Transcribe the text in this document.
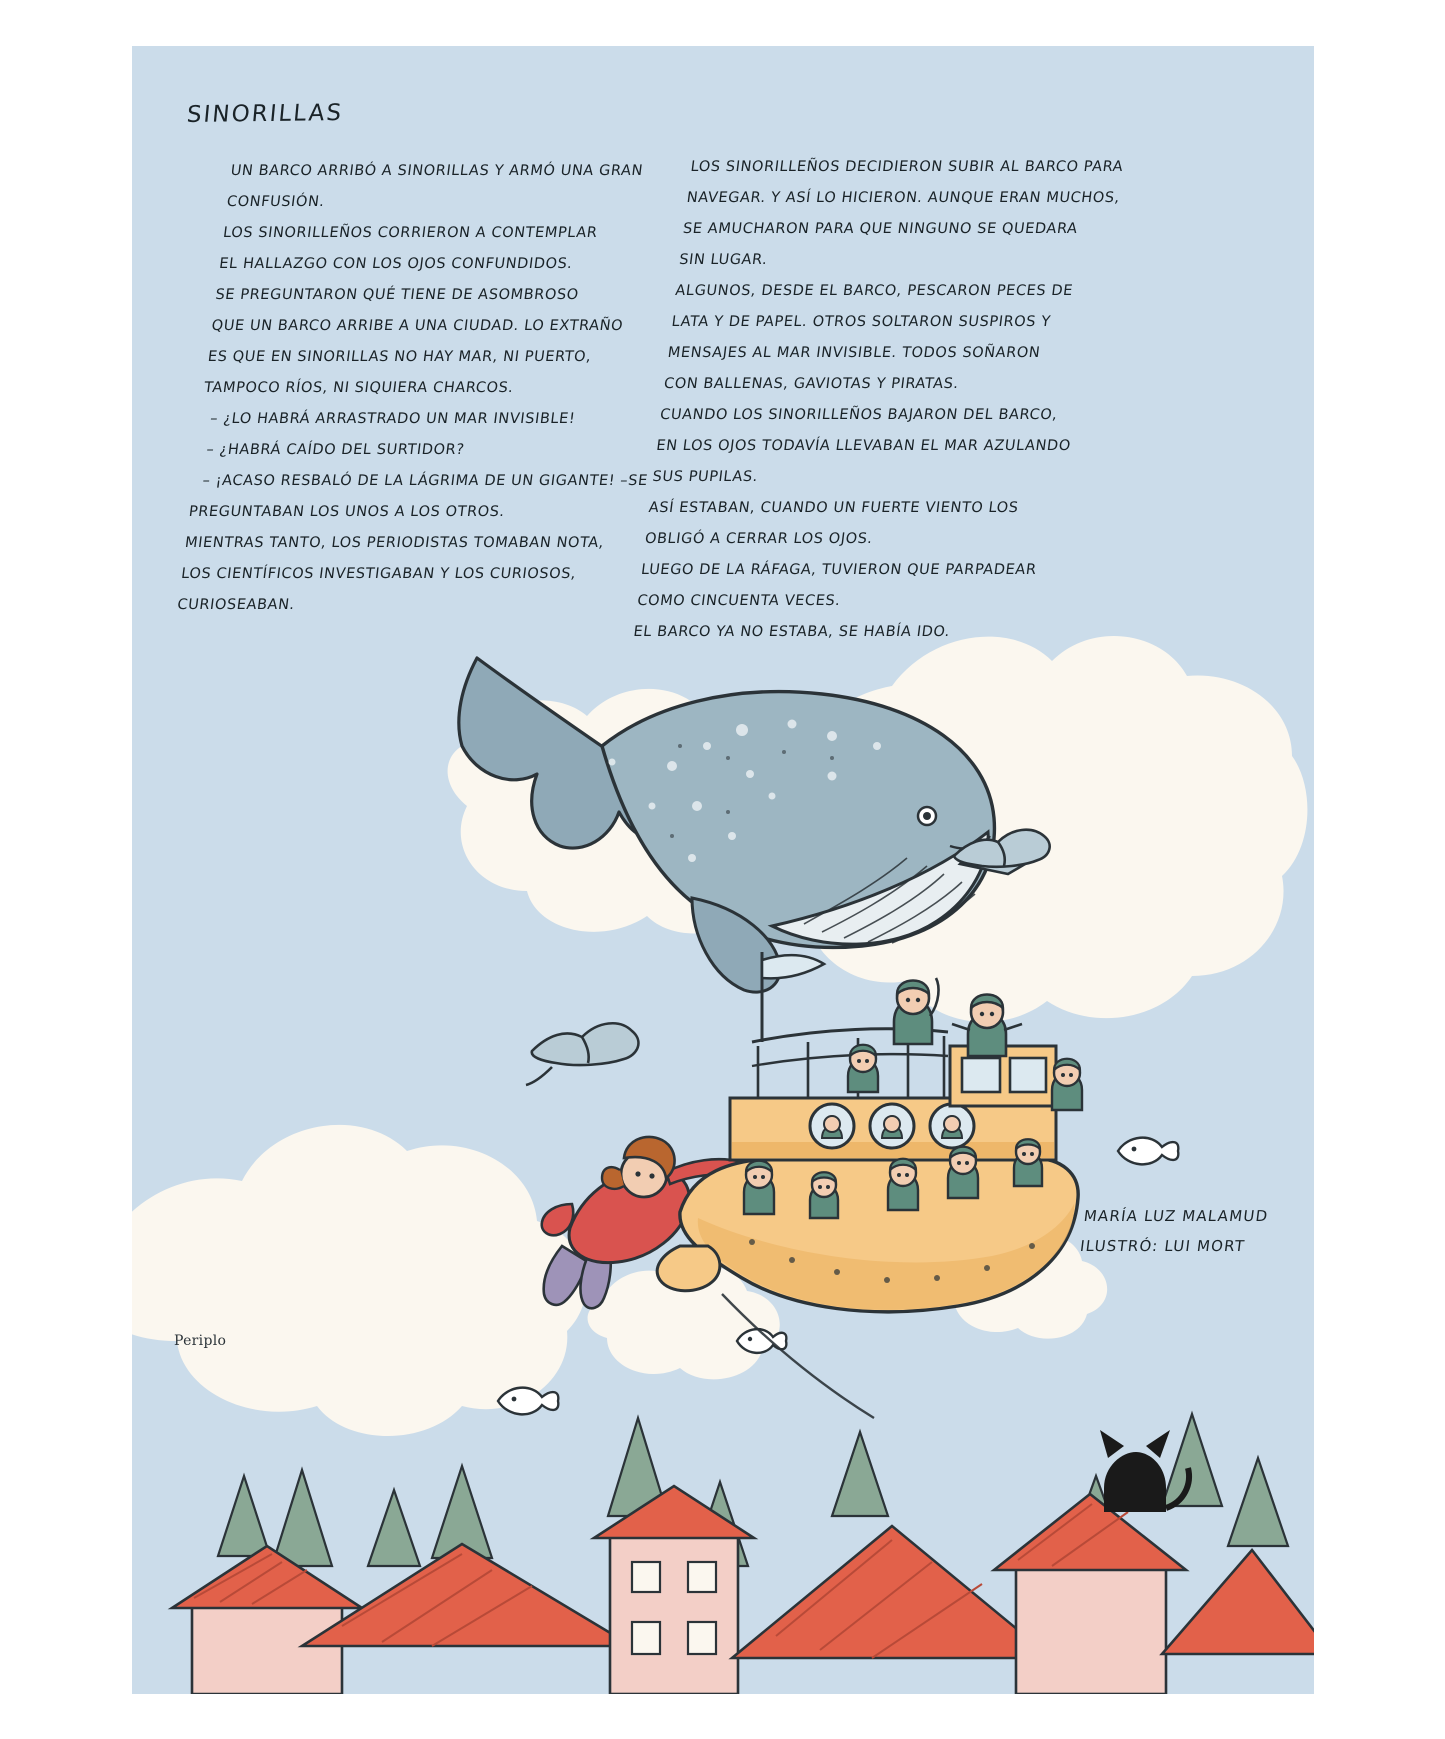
SINORILLAS
UN BARCO ARRIBÓ A SINORILLAS Y ARMÓ UNA GRAN
CONFUSIÓN.
LOS SINORILLEÑOS CORRIERON A CONTEMPLAR
EL HALLAZGO CON LOS OJOS CONFUNDIDOS.
SE PREGUNTARON QUÉ TIENE DE ASOMBROSO
QUE UN BARCO ARRIBE A UNA CIUDAD. LO EXTRAÑO
ES QUE EN SINORILLAS NO HAY MAR, NI PUERTO,
TAMPOCO RÍOS, NI SIQUIERA CHARCOS.
– ¿LO HABRÁ ARRASTRADO UN MAR INVISIBLE!
– ¿HABRÁ CAÍDO DEL SURTIDOR?
– ¡ACASO RESBALÓ DE LA LÁGRIMA DE UN GIGANTE! –SE
PREGUNTABAN LOS UNOS A LOS OTROS.
MIENTRAS TANTO, LOS PERIODISTAS TOMABAN NOTA,
LOS CIENTÍFICOS INVESTIGABAN Y LOS CURIOSOS,
CURIOSEABAN.
LOS SINORILLEÑOS DECIDIERON SUBIR AL BARCO PARA
NAVEGAR. Y ASÍ LO HICIERON. AUNQUE ERAN MUCHOS,
SE AMUCHARON PARA QUE NINGUNO SE QUEDARA
SIN LUGAR.
ALGUNOS, DESDE EL BARCO, PESCARON PECES DE
LATA Y DE PAPEL. OTROS SOLTARON SUSPIROS Y
MENSAJES AL MAR INVISIBLE. TODOS SOÑARON
CON BALLENAS, GAVIOTAS Y PIRATAS.
CUANDO LOS SINORILLEÑOS BAJARON DEL BARCO,
EN LOS OJOS TODAVÍA LLEVABAN EL MAR AZULANDO
SUS PUPILAS.
ASÍ ESTABAN, CUANDO UN FUERTE VIENTO LOS
OBLIGÓ A CERRAR LOS OJOS.
LUEGO DE LA RÁFAGA, TUVIERON QUE PARPADEAR
COMO CINCUENTA VECES.
EL BARCO YA NO ESTABA, SE HABÍA IDO.
MARÍA LUZ MALAMUD
ILUSTRÓ: LUI MORT
Periplo
